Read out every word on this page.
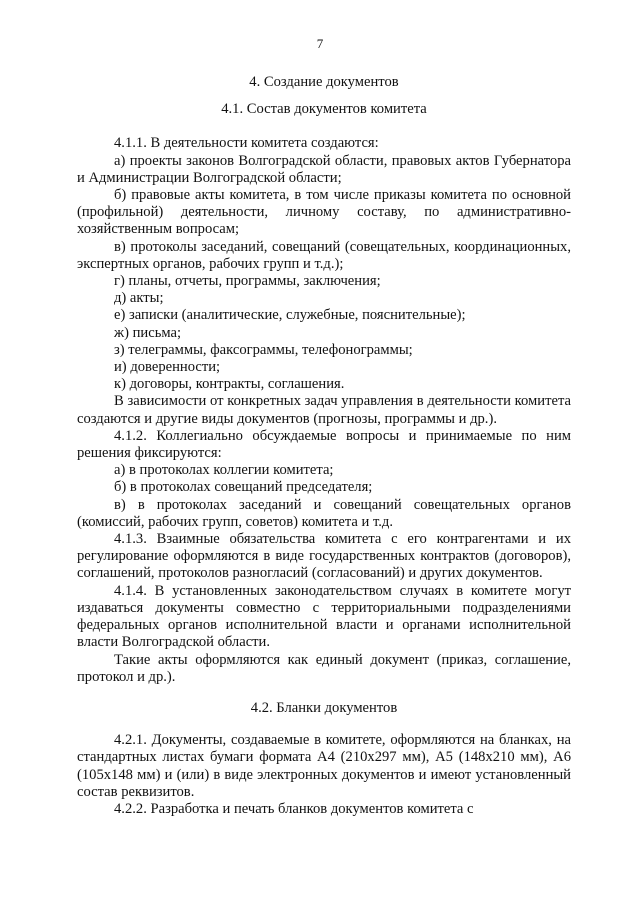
7

4. Создание документов

4.1. Состав документов комитета

4.1.1. В деятельности комитета создаются:

а) проекты законов Волгоградской области, правовых актов Губернатора и Администрации Волгоградской области;

б) правовые акты комитета, в том числе приказы комитета по основной (профильной) деятельности, личному составу, по административно-хозяйственным вопросам;

в) протоколы заседаний, совещаний (совещательных, координационных, экспертных органов, рабочих групп и т.д.);

г) планы, отчеты, программы, заключения;

д) акты;

е) записки (аналитические, служебные, пояснительные);

ж) письма;

з) телеграммы, факсограммы, телефонограммы;

и) доверенности;

к) договоры, контракты, соглашения.

В зависимости от конкретных задач управления в деятельности комитета создаются и другие виды документов (прогнозы, программы и др.).

4.1.2. Коллегиально обсуждаемые вопросы и принимаемые по ним решения фиксируются:

а) в протоколах коллегии комитета;

б) в протоколах совещаний председателя;

в) в протоколах заседаний и совещаний совещательных органов (комиссий, рабочих групп, советов) комитета и т.д.

4.1.3. Взаимные обязательства комитета с его контрагентами и их регулирование оформляются в виде государственных контрактов (договоров), соглашений, протоколов разногласий (согласований) и других документов.

4.1.4. В установленных законодательством случаях в комитете могут издаваться документы совместно с территориальными подразделениями федеральных органов исполнительной власти и органами исполнительной власти Волгоградской области.

Такие акты оформляются как единый документ (приказ, соглашение, протокол и др.).

4.2. Бланки документов

4.2.1. Документы, создаваемые в комитете, оформляются на бланках, на стандартных листах бумаги формата А4 (210х297 мм), А5 (148х210 мм), А6 (105х148 мм) и (или) в виде электронных документов и имеют установленный состав реквизитов.

4.2.2. Разработка и печать бланков документов комитета с
